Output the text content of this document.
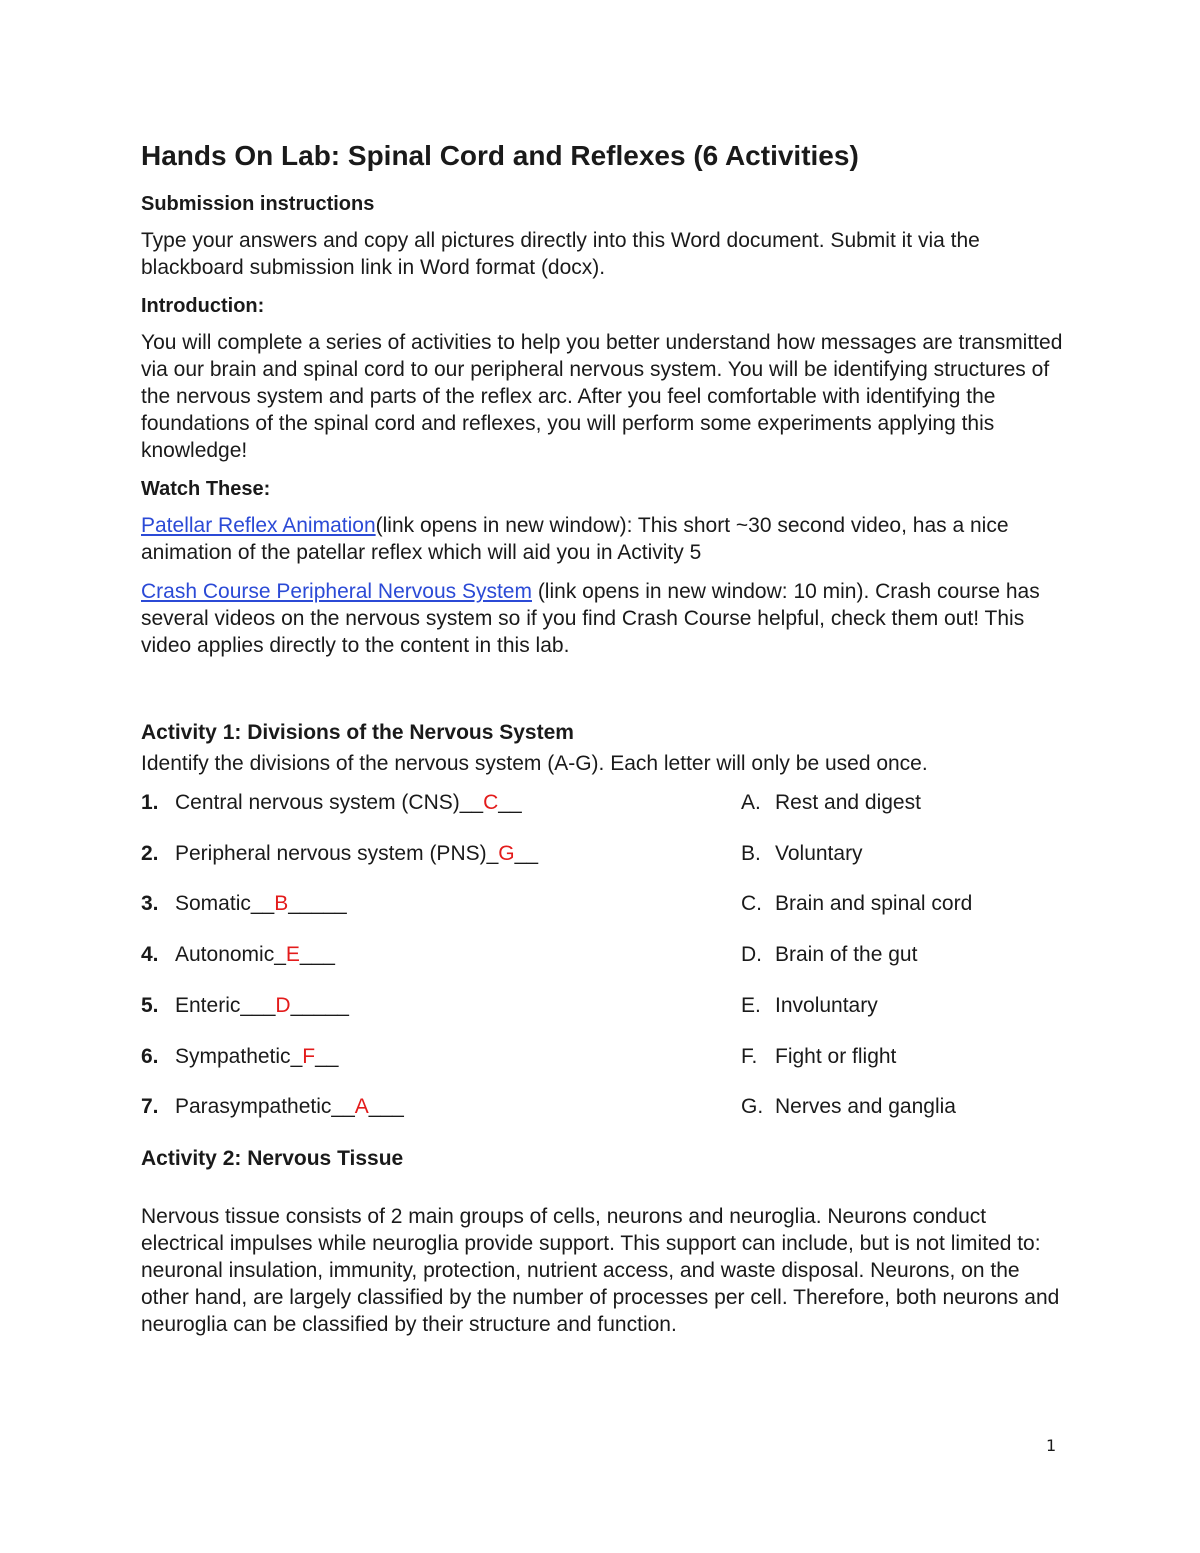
Hands On Lab: Spinal Cord and Reflexes (6 Activities)
Submission instructions

Type your answers and copy all pictures directly into this Word document. Submit it via the blackboard submission link in Word format (docx).

Introduction:

You will complete a series of activities to help you better understand how messages are transmitted via our brain and spinal cord to our peripheral nervous system. You will be identifying structures of the nervous system and parts of the reflex arc. After you feel comfortable with identifying the foundations of the spinal cord and reflexes, you will perform some experiments applying this knowledge!

Watch These:

Patellar Reflex Animation(link opens in new window): This short ~30 second video, has a nice animation of the patellar reflex which will aid you in Activity 5

Crash Course Peripheral Nervous System (link opens in new window: 10 min). Crash course has several videos on the nervous system so if you find Crash Course helpful, check them out! This video applies directly to the content in this lab.

Activity 1: Divisions of the Nervous System
Identify the divisions of the nervous system (A-G). Each letter will only be used once.
1. Central nervous system (CNS)__C__	A. Rest and digest
2. Peripheral nervous system (PNS)_G__	B. Voluntary
3. Somatic__B_____	C. Brain and spinal cord
4. Autonomic_E___	D. Brain of the gut
5. Enteric___D_____	E. Involuntary
6. Sympathetic_F__	F. Fight or flight
7. Parasympathetic__A___	G. Nerves and ganglia
Activity 2: Nervous Tissue

Nervous tissue consists of 2 main groups of cells, neurons and neuroglia. Neurons conduct electrical impulses while neuroglia provide support. This support can include, but is not limited to: neuronal insulation, immunity, protection, nutrient access, and waste disposal. Neurons, on the other hand, are largely classified by the number of processes per cell. Therefore, both neurons and neuroglia can be classified by their structure and function.

1
